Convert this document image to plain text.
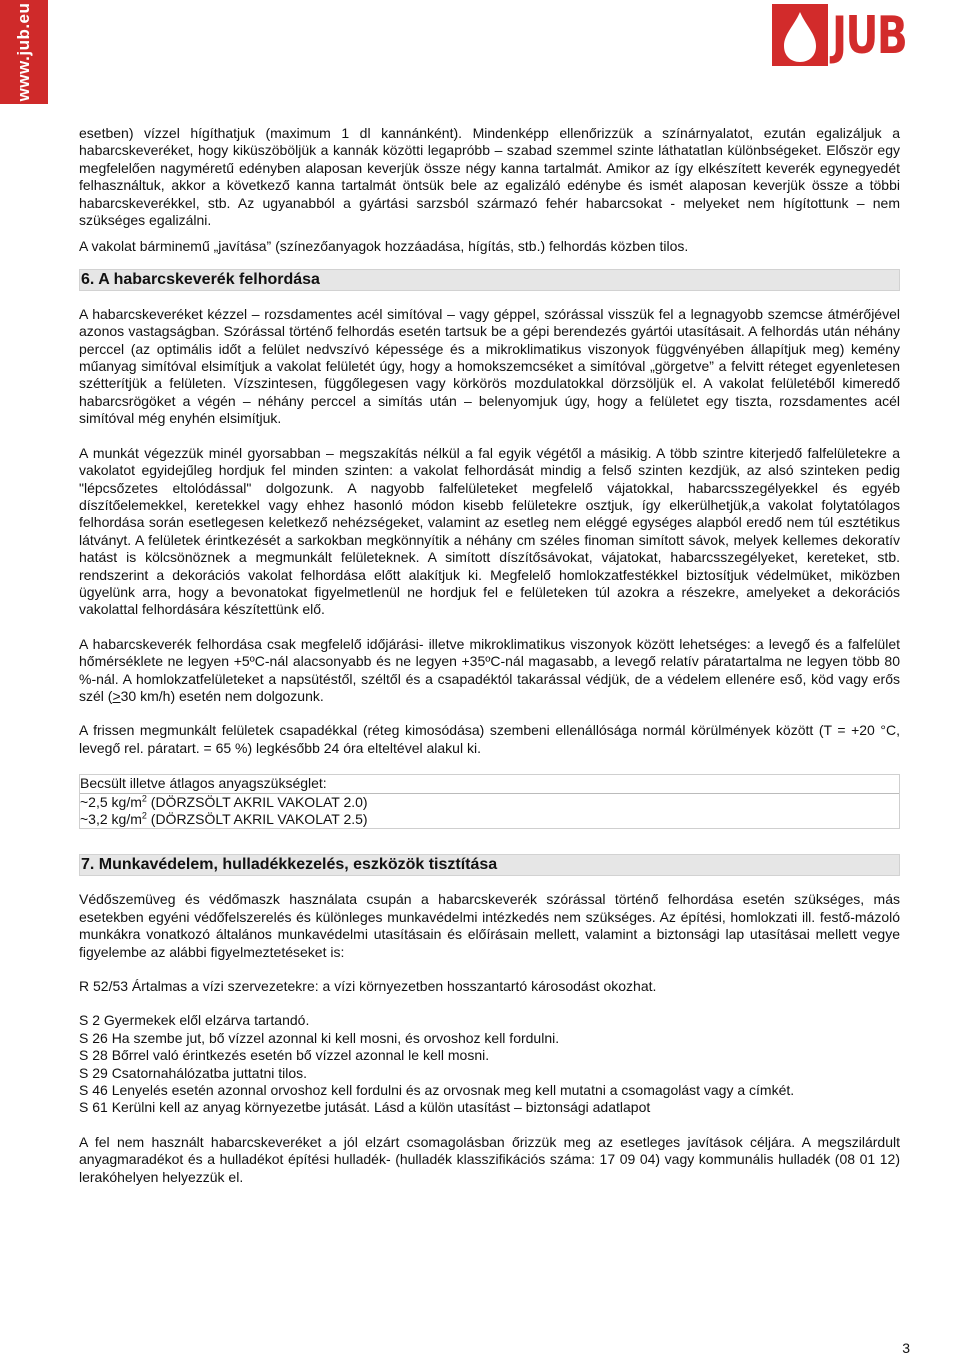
www.jub.eu	JUB

esetben) vízzel hígíthatjuk (maximum 1 dl kannánként). Mindenképp ellenőrizzük a színárnyalatot, ezután egalizáljuk a habarcskeveréket, hogy kiküszöböljük a kannák közötti legapróbb – szabad szemmel szinte láthatatlan különbségeket. Először egy megfelelően nagyméretű edényben alaposan keverjük össze négy kanna tartalmát. Amikor az így elkészített keverék egynegyedét felhasználtuk, akkor a következő kanna tartalmát öntsük bele az egalizáló edénybe és ismét alaposan keverjük össze a többi habarcskeverékkel, stb. Az ugyanabból a gyártási sarzsból származó fehér habarcsokat - melyeket nem hígítottunk – nem szükséges egalizálni.

A vakolat bárminemű „javítása” (színezőanyagok hozzáadása, hígítás, stb.) felhordás közben tilos.

6. A habarcskeverék felhordása

A habarcskeveréket kézzel – rozsdamentes acél simítóval – vagy géppel, szórással visszük fel a legnagyobb szemcse átmérőjével azonos vastagságban. Szórással történő felhordás esetén tartsuk be a gépi berendezés gyártói utasításait. A felhordás után néhány perccel (az optimális időt a felület nedvszívó képessége és a mikroklimatikus viszonyok függvényében állapítjuk meg) kemény műanyag simítóval elsimítjuk a vakolat felületét úgy, hogy a homokszemcséket a simítóval „görgetve” a felvitt réteget egyenletesen szétterítjük a felületen. Vízszintesen, függőlegesen vagy körkörös mozdulatokkal dörzsöljük el. A vakolat felületéből kimeredő habarcsrögöket a végén – néhány perccel a simítás után – belenyomjuk úgy, hogy a felületet egy tiszta, rozsdamentes acél simítóval még enyhén elsimítjuk.

A munkát végezzük minél gyorsabban – megszakítás nélkül a fal egyik végétől a másikig. A több szintre kiterjedő falfelületekre a vakolatot egyidejűleg hordjuk fel minden szinten: a vakolat felhordását mindig a felső szinten kezdjük, az alsó szinteken pedig "lépcsőzetes eltolódással" dolgozunk. A nagyobb falfelületeket megfelelő vájatokkal, habarcsszegélyekkel és egyéb díszítőelemekkel, keretekkel vagy ehhez hasonló módon kisebb felületekre osztjuk, így elkerülhetjük,a vakolat folytatólagos felhordása során esetlegesen keletkező nehézségeket, valamint az esetleg nem eléggé egységes alapból eredő nem túl esztétikus látványt. A felületek érintkezését a sarkokban megkönnyítik a néhány cm széles finoman simított sávok, melyek kellemes dekoratív hatást is kölcsönöznek a megmunkált felületeknek. A simított díszítősávokat, vájatokat, habarcsszegélyeket, kereteket, stb. rendszerint a dekorációs vakolat felhordása előtt alakítjuk ki. Megfelelő homlokzatfestékkel biztosítjuk védelmüket, miközben ügyelünk arra, hogy a bevonatokat figyelmetlenül ne hordjuk fel e felületeken túl azokra a részekre, amelyeket a dekorációs vakolattal felhordására készítettünk elő.

A habarcskeverék felhordása csak megfelelő időjárási- illetve mikroklimatikus viszonyok között lehetséges: a levegő és a falfelület hőmérséklete ne legyen +5ºC-nál alacsonyabb és ne legyen +35ºC-nál magasabb, a levegő relatív páratartalma ne legyen több 80 %-nál. A homlokzatfelületeket a napsütéstől, széltől és a csapadéktól takarással védjük, de a védelem ellenére eső, köd vagy erős szél (≥30 km/h) esetén nem dolgozunk.

A frissen megmunkált felületek csapadékkal (réteg kimosódása) szembeni ellenállósága normál körülmények között (T = +20 °C, levegő rel. páratart. = 65 %) legkésőbb 24 óra elteltével alakul ki.

Becsült illetve átlagos anyagszükséglet:
~2,5 $kg/m^2$ (DÖRZSÖLT AKRIL VAKOLAT 2.0)
~3,2 $kg/m^2$ (DÖRZSÖLT AKRIL VAKOLAT 2.5)
7. Munkavédelem, hulladékkezelés, eszközök tisztítása

Védőszemüveg és védőmaszk használata csupán a habarcskeverék szórással történő felhordása esetén szükséges, más esetekben egyéni védőfelszerelés és különleges munkavédelmi intézkedés nem szükséges. Az építési, homlokzati ill. festő-mázoló munkákra vonatkozó általános munkavédelmi utasításain és előírásain mellett, valamint a biztonsági lap utasításai mellett vegye figyelembe az alábbi figyelmeztetéseket is:

R 52/53 Ártalmas a vízi szervezetekre: a vízi környezetben hosszantartó károsodást okozhat.

S 2 Gyermekek elől elzárva tartandó.

S 26 Ha szembe jut, bő vízzel azonnal ki kell mosni, és orvoshoz kell fordulni.

S 28 Bőrrel való érintkezés esetén bő vízzel azonnal le kell mosni.

S 29 Csatornahálózatba juttatni tilos.

S 46 Lenyelés esetén azonnal orvoshoz kell fordulni és az orvosnak meg kell mutatni a csomagolást vagy a címkét.

S 61 Kerülni kell az anyag környezetbe jutását. Lásd a külön utasítást – biztonsági adatlapot

A fel nem használt habarcskeveréket a jól elzárt csomagolásban őrizzük meg az esetleges javítások céljára. A megszilárdult anyagmaradékot és a hulladékot építési hulladék- (hulladék klasszifikációs száma: 17 09 04) vagy kommunális hulladék (08 01 12) lerakóhelyen helyezzük el.

3
